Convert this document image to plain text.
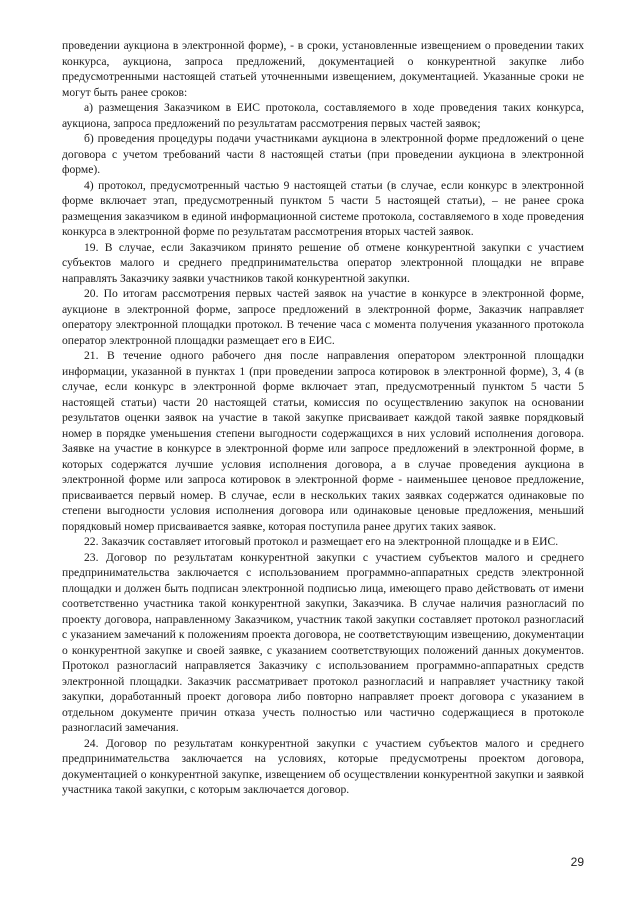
проведении аукциона в электронной форме), - в сроки, установленные извещением о проведении таких конкурса, аукциона, запроса предложений, документацией о конкурентной закупке либо предусмотренными настоящей статьей уточненными извещением, документацией. Указанные сроки не могут быть ранее сроков:

а) размещения Заказчиком в ЕИС протокола, составляемого в ходе проведения таких конкурса, аукциона, запроса предложений по результатам рассмотрения первых частей заявок;

б) проведения процедуры подачи участниками аукциона в электронной форме предложений о цене договора с учетом требований части 8 настоящей статьи (при проведении аукциона в электронной форме).

4) протокол, предусмотренный частью 9 настоящей статьи (в случае, если конкурс в электронной форме включает этап, предусмотренный пунктом 5 части 5 настоящей статьи), – не ранее срока размещения заказчиком в единой информационной системе протокола, составляемого в ходе проведения конкурса в электронной форме по результатам рассмотрения вторых частей заявок.

19. В случае, если Заказчиком принято решение об отмене конкурентной закупки с участием субъектов малого и среднего предпринимательства оператор электронной площадки не вправе направлять Заказчику заявки участников такой конкурентной закупки.

20. По итогам рассмотрения первых частей заявок на участие в конкурсе в электронной форме, аукционе в электронной форме, запросе предложений в электронной форме, Заказчик направляет оператору электронной площадки протокол. В течение часа с момента получения указанного протокола оператор электронной площадки размещает его в ЕИС.

21. В течение одного рабочего дня после направления оператором электронной площадки информации, указанной в пунктах 1 (при проведении запроса котировок в электронной форме), 3, 4 (в случае, если конкурс в электронной форме включает этап, предусмотренный пунктом 5 части 5 настоящей статьи) части 20 настоящей статьи, комиссия по осуществлению закупок на основании результатов оценки заявок на участие в такой закупке присваивает каждой такой заявке порядковый номер в порядке уменьшения степени выгодности содержащихся в них условий исполнения договора. Заявке на участие в конкурсе в электронной форме или запросе предложений в электронной форме, в которых содержатся лучшие условия исполнения договора, а в случае проведения аукциона в электронной форме или запроса котировок в электронной форме - наименьшее ценовое предложение, присваивается первый номер. В случае, если в нескольких таких заявках содержатся одинаковые по степени выгодности условия исполнения договора или одинаковые ценовые предложения, меньший порядковый номер присваивается заявке, которая поступила ранее других таких заявок.

22. Заказчик составляет итоговый протокол и размещает его на электронной площадке и в ЕИС.

23. Договор по результатам конкурентной закупки с участием субъектов малого и среднего предпринимательства заключается с использованием программно-аппаратных средств электронной площадки и должен быть подписан электронной подписью лица, имеющего право действовать от имени соответственно участника такой конкурентной закупки, Заказчика. В случае наличия разногласий по проекту договора, направленному Заказчиком, участник такой закупки составляет протокол разногласий с указанием замечаний к положениям проекта договора, не соответствующим извещению, документации о конкурентной закупке и своей заявке, с указанием соответствующих положений данных документов. Протокол разногласий направляется Заказчику с использованием программно-аппаратных средств электронной площадки. Заказчик рассматривает протокол разногласий и направляет участнику такой закупки, доработанный проект договора либо повторно направляет проект договора с указанием в отдельном документе причин отказа учесть полностью или частично содержащиеся в протоколе разногласий замечания.

24. Договор по результатам конкурентной закупки с участием субъектов малого и среднего предпринимательства заключается на условиях, которые предусмотрены проектом договора, документацией о конкурентной закупке, извещением об осуществлении конкурентной закупки и заявкой участника такой закупки, с которым заключается договор.

29
